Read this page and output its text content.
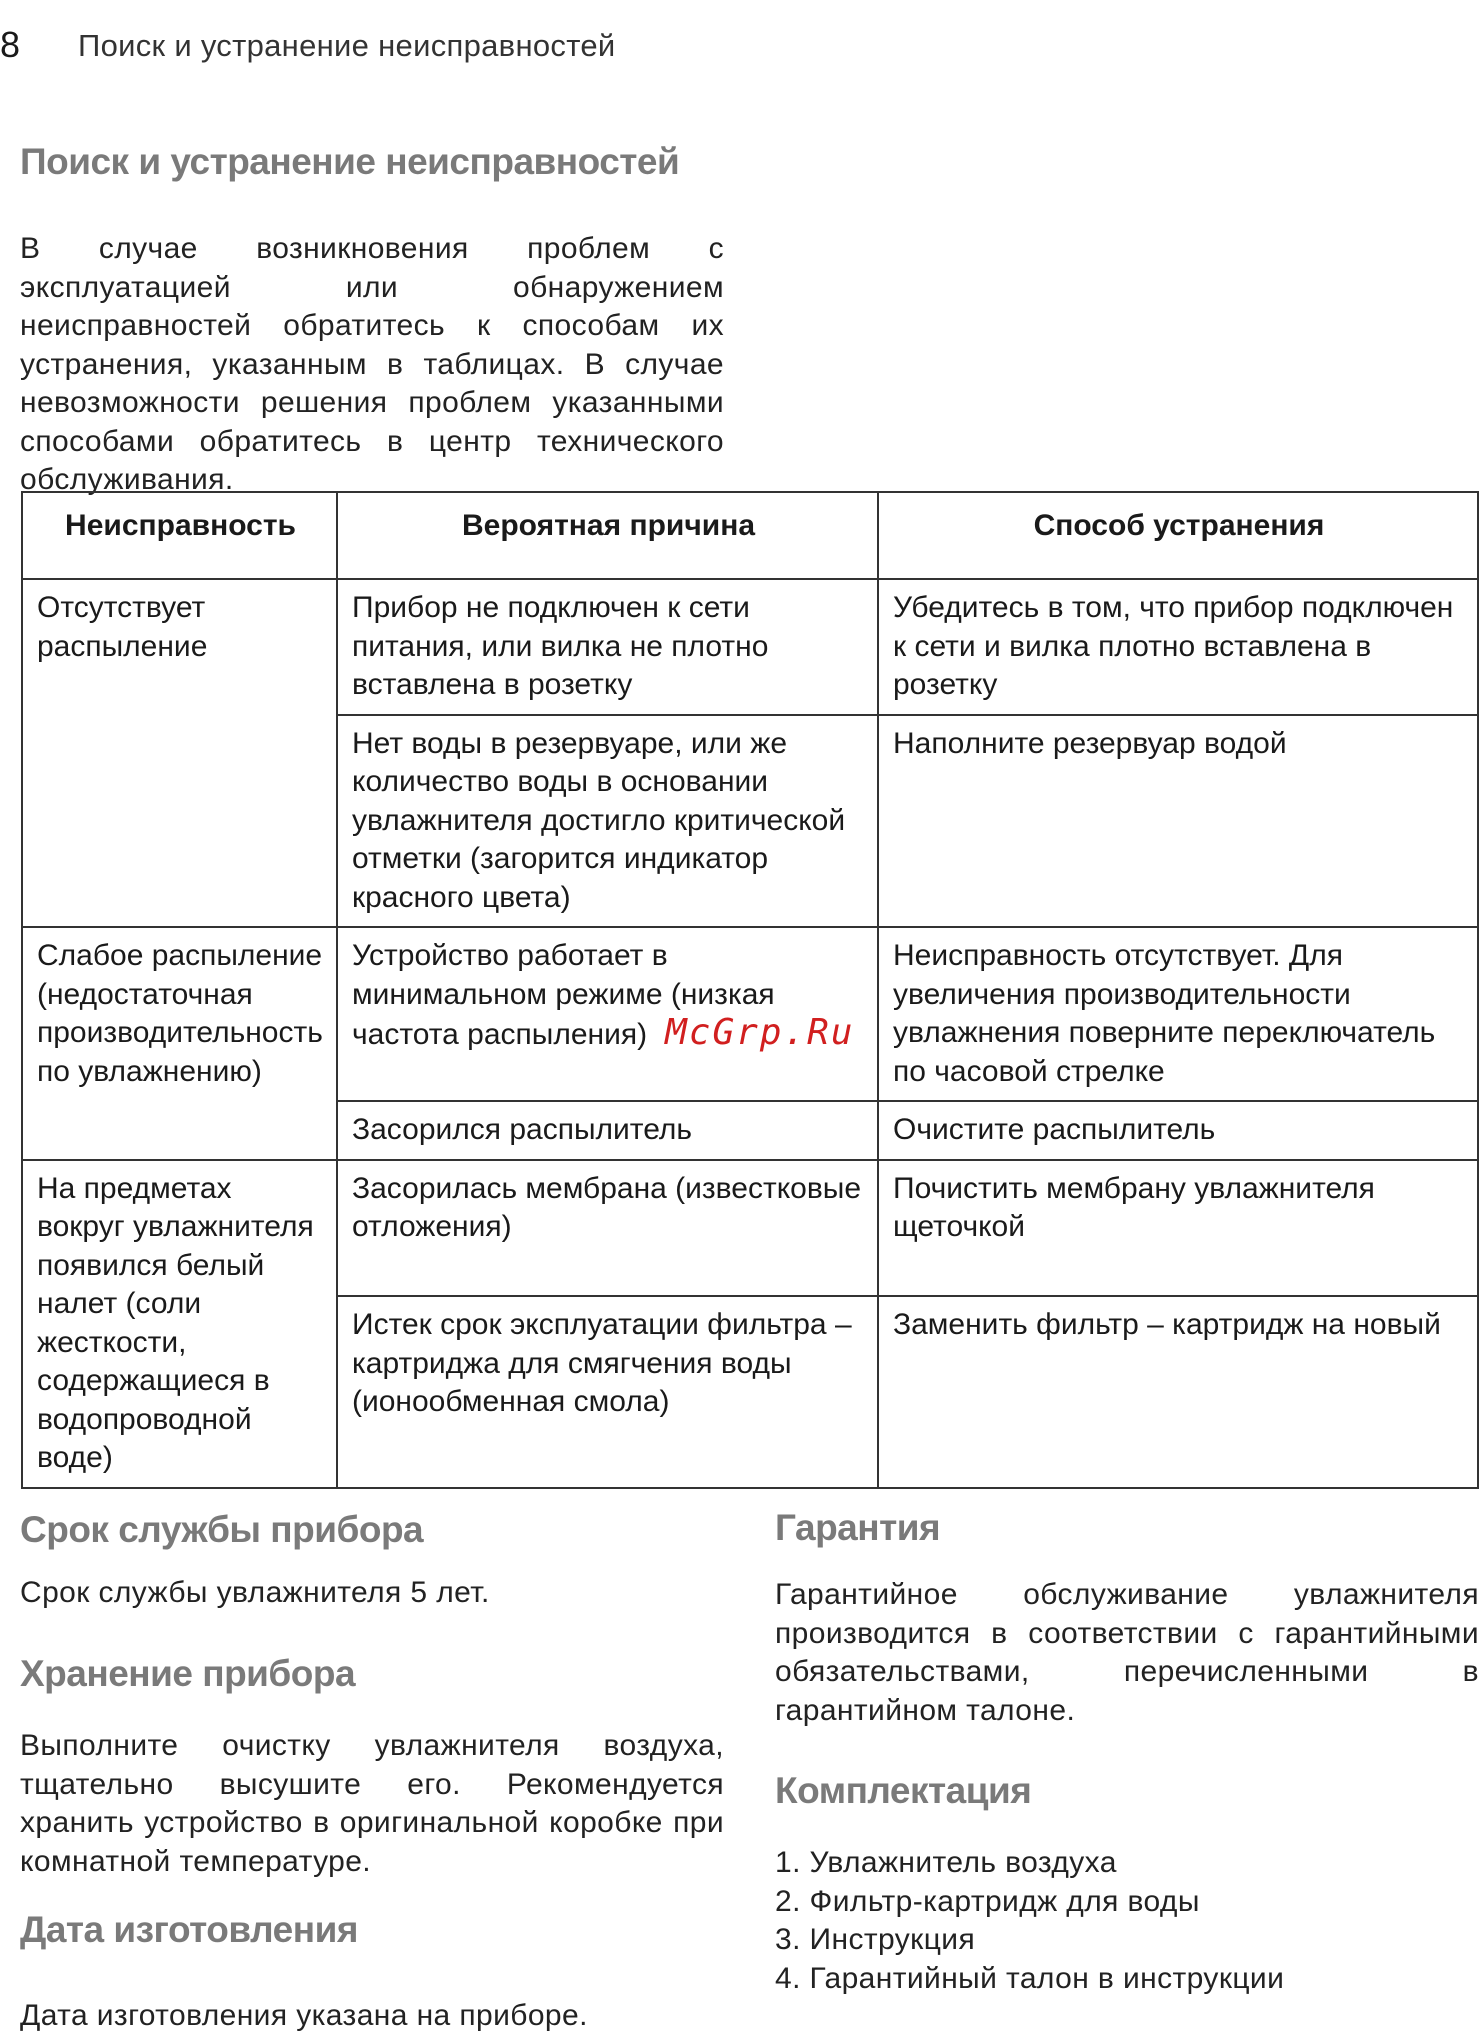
8 Поиск и устранение неисправностей
Поиск и устранение неисправностей

В случае возникновения проблем с эксплуатацией или обнаружением неисправностей обратитесь к способам их устранения, указанным в таблицах. В случае невозможности решения проблем указанными способами обратитесь в центр технического обслуживания.

Неисправность	Вероятная причина	Способ устранения
Отсутствует распыление	Прибор не подключен к сети питания, или вилка не плотно вставлена в розетку	Убедитесь в том, что прибор подключен к сети и вилка плотно вставлена в розетку
	Нет воды в резервуаре, или же количество воды в основании увлажнителя достигло критической отметки (загорится индикатор красного цвета)	Наполните резервуар водой
Слабое распыление (недостаточная производительность по увлажнению)	Устройство работает в минимальном режиме (низкая частота распыления) McGrp.Ru	Неисправность отсутствует. Для увеличения производительности увлажнения поверните переключатель по часовой стрелке
	Засорился распылитель	Очистите распылитель
На предметах вокруг увлажнителя появился белый налет (соли жесткости, содержащиеся в водопроводной воде)	Засорилась мембрана (известковые отложения)	Почистить мембрану увлажнителя щеточкой
	Истек срок эксплуатации фильтра – картриджа для смягчения воды (ионообменная смола)	Заменить фильтр – картридж на новый
Срок службы прибора

Срок службы увлажнителя 5 лет.

Хранение прибора

Выполните очистку увлажнителя воздуха, тщательно высушите его. Рекомендуется хранить устройство в оригинальной коробке при комнатной температуре.

Дата изготовления

Дата изготовления указана на приборе.

Гарантия

Гарантийное обслуживание увлажнителя производится в соответствии с гарантийными обязательствами, перечисленными в гарантийном талоне.

Комплектация
1. Увлажнитель воздуха
2. Фильтр-картридж для воды
3. Инструкция
4. Гарантийный талон в инструкции
